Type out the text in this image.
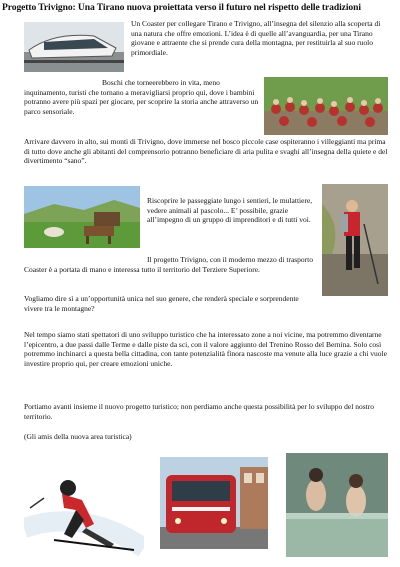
Progetto Trivigno: Una Tirano nuova proiettata verso il futuro nel rispetto delle tradizioni

Un Coaster per collegare Tirano e Trivigno, all’insegna del silenzio alla scoperta di una natura che offre emozioni. L’idea è di quelle all’avanguardia, per una Tirano giovane e attraente che si prende cura della montagna, per restituirla al suo ruolo primordiale.

Boschi che torneerebbero in vita, meno inquinamento, turisti che tornano a meravigliarsi proprio qui, dove i bambini potranno avere più spazi per giocare, per scoprire la storia anche attraverso un parco sensoriale.

Arrivare davvero in alto, sui monti di Trivigno, dove immerse nel bosco piccole case ospiteranno i villeggianti ma prima di tutto dove anche gli abitanti del comprensorio potranno beneficiare di aria pulita e svaghi all’insegna della quiete e del divertimento “sano”.

Riscoprire le passeggiate lungo i sentieri, le mulattiere, vedere animali al pascolo... E’ possibile, grazie all’impegno di un gruppo di imprenditori e di tutti voi.

Il progetto Trivigno, con il moderno mezzo di trasporto Coaster è a portata di mano e interessa tutto il territorio del Terziere Superiore.

Vogliamo dire sì a un’opportunità unica nel suo genere, che renderà speciale e sorprendente vivere tra le montagne?

Nel tempo siamo stati spettatori di uno sviluppo turistico che ha interessato zone a noi vicine, ma potremmo diventarne l’epicentro, a due passi dalle Terme e dalle piste da sci, con il valore aggiunto del Trenino Rosso del Bernina. Solo così potremmo inchinarci a questa bella cittadina, con tante potenzialità finora nascoste ma venute alla luce grazie a chi vuole investire proprio qui, per creare emozioni uniche.

Portiamo avanti insieme il nuovo progetto turistico; non perdiamo anche questa possibilità per lo sviluppo del nostro territorio.

(Gli amis della nuova area turistica)
